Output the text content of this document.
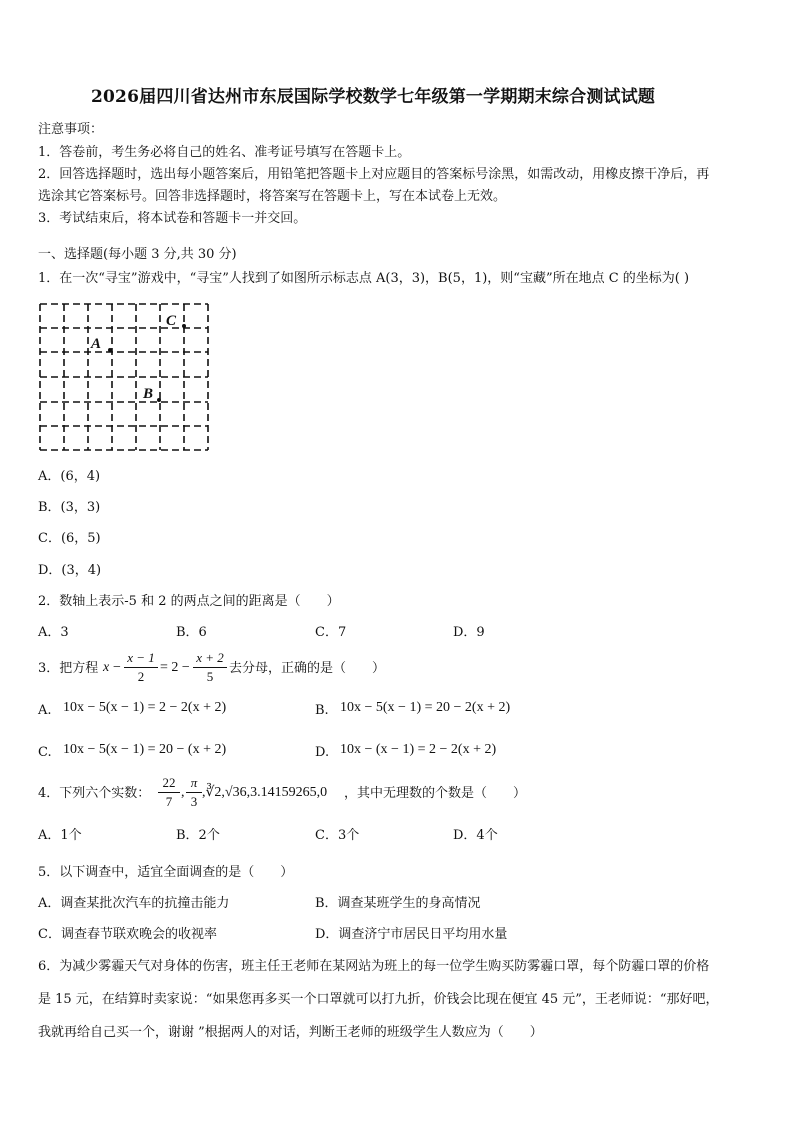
2026届四川省达州市东辰国际学校数学七年级第一学期期末综合测试试题
注意事项：
1．答卷前，考生务必将自己的姓名、准考证号填写在答题卡上。
2．回答选择题时，选出每小题答案后，用铅笔把答题卡上对应题目的答案标号涂黑，如需改动，用橡皮擦干净后，再
选涂其它答案标号。回答非选择题时，将答案写在答题卡上，写在本试卷上无效。
3．考试结束后，将本试卷和答题卡一并交回。
一、选择题(每小题 3 分,共 30 分)
1．在一次“寻宝”游戏中，“寻宝”人找到了如图所示标志点 A(3，3)，B(5，1)，则“宝藏”所在地点 C 的坐标为( )
A
B
C
A．(6，4)
B．(3，3)
C．(6，5)
D．(3，4)
2．数轴上表示-5 和 2 的两点之间的距离是（　　）
A．3	B．6	C．7	D．9
3．把方程 x −
x − 1
2
= 2 −
x + 2
5
去分母，正确的是（　　）
A. 10x − 5(x − 1) = 2 − 2(x + 2)	B. 10x − 5(x − 1) = 20 − 2(x + 2)
C. 10x − 5(x − 1) = 20 − (x + 2)	D. 10x − (x − 1) = 2 − 2(x + 2)
4．下列六个实数：
22
7
,
π
3
,∛2,√36,3.14159265,0 ，其中无理数的个数是（　　）
A．1个	B．2个	C．3个	D．4个
5．以下调查中，适宜全面调查的是（　　）
A．调查某批次汽车的抗撞击能力	B．调查某班学生的身高情况
C．调查春节联欢晚会的收视率	D．调查济宁市居民日平均用水量
6．为减少雾霾天气对身体的伤害，班主任王老师在某网站为班上的每一位学生购买防雾霾口罩，每个防霾口罩的价格
是 15 元，在结算时卖家说：“如果您再多买一个口罩就可以打九折，价钱会比现在便宜 45 元”，王老师说：“那好吧，
我就再给自己买一个，谢谢 ”根据两人的对话，判断王老师的班级学生人数应为（　　）
